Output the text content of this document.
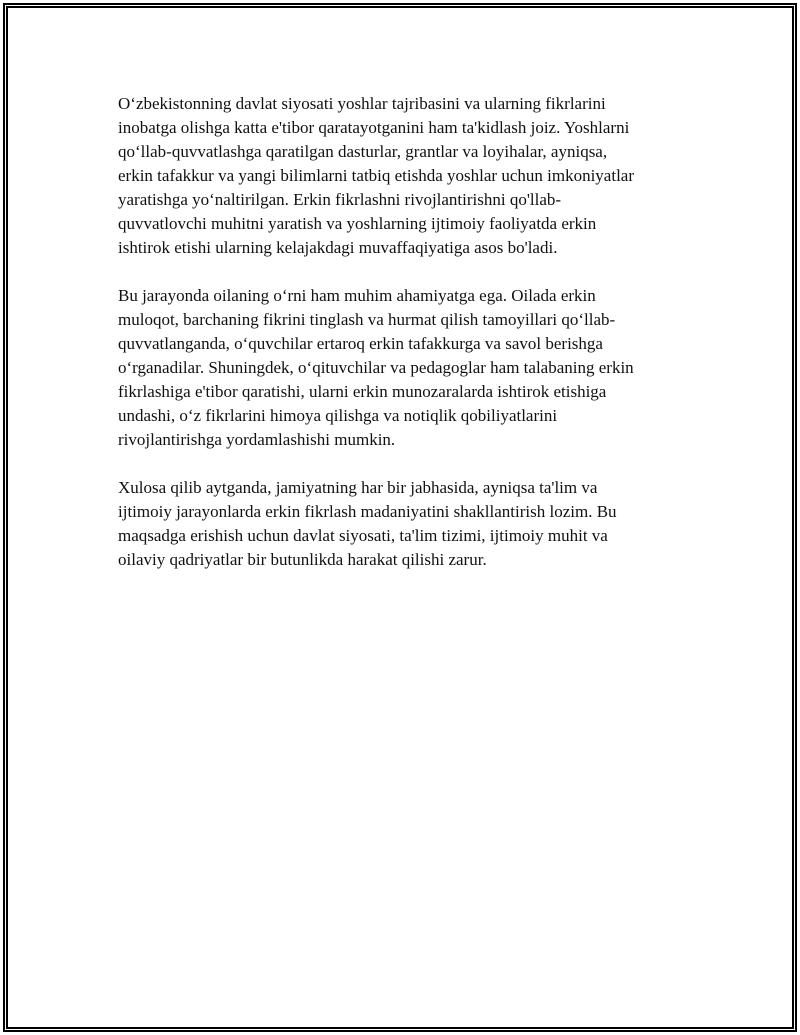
O‘zbekistonning davlat siyosati yoshlar tajribasini va ularning fikrlarini
inobatga olishga katta e'tibor qaratayotganini ham ta'kidlash joiz. Yoshlarni
qo‘llab-quvvatlashga qaratilgan dasturlar, grantlar va loyihalar, ayniqsa,
erkin tafakkur va yangi bilimlarni tatbiq etishda yoshlar uchun imkoniyatlar
yaratishga yo‘naltirilgan. Erkin fikrlashni rivojlantirishni qo'llab-
quvvatlovchi muhitni yaratish va yoshlarning ijtimoiy faoliyatda erkin
ishtirok etishi ularning kelajakdagi muvaffaqiyatiga asos bo'ladi.

Bu jarayonda oilaning o‘rni ham muhim ahamiyatga ega. Oilada erkin
muloqot, barchaning fikrini tinglash va hurmat qilish tamoyillari qo‘llab-
quvvatlanganda, o‘quvchilar ertaroq erkin tafakkurga va savol berishga
o‘rganadilar. Shuningdek, o‘qituvchilar va pedagoglar ham talabaning erkin
fikrlashiga e'tibor qaratishi, ularni erkin munozaralarda ishtirok etishiga
undashi, o‘z fikrlarini himoya qilishga va notiqlik qobiliyatlarini
rivojlantirishga yordamlashishi mumkin.

Xulosa qilib aytganda, jamiyatning har bir jabhasida, ayniqsa ta'lim va
ijtimoiy jarayonlarda erkin fikrlash madaniyatini shakllantirish lozim. Bu
maqsadga erishish uchun davlat siyosati, ta'lim tizimi, ijtimoiy muhit va
oilaviy qadriyatlar bir butunlikda harakat qilishi zarur.
